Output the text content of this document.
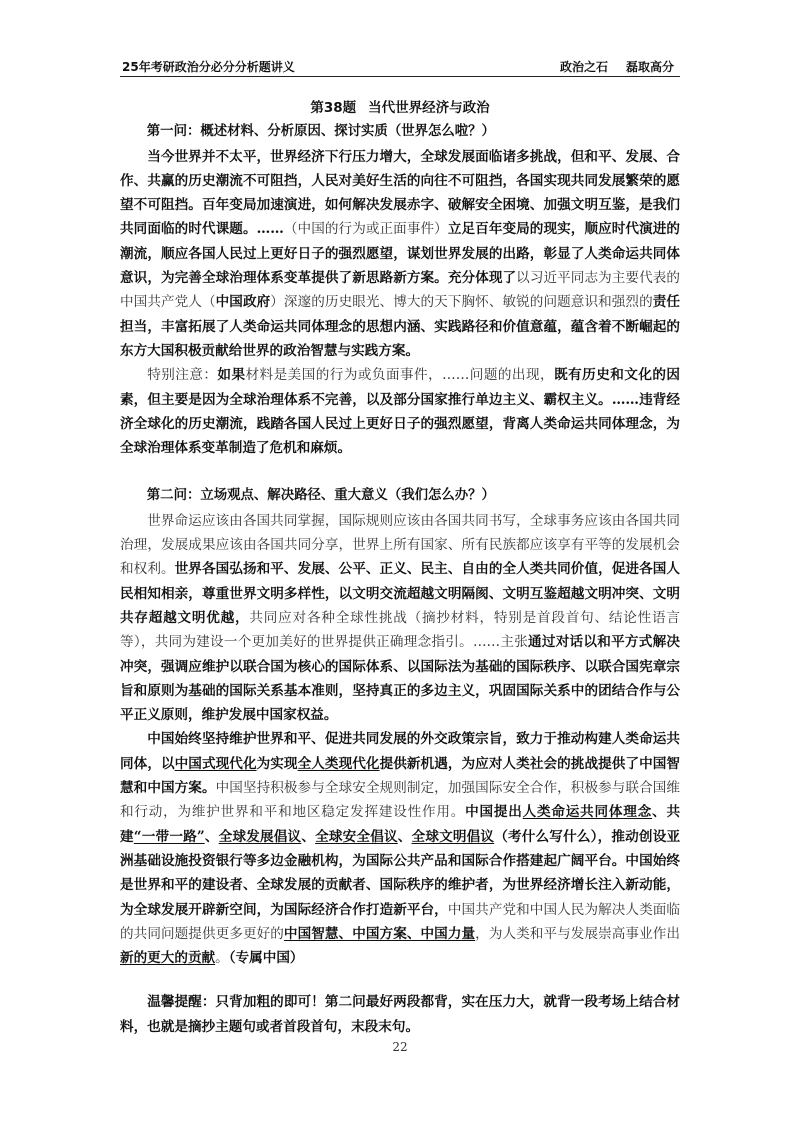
25年考研政治分必分分析题讲义	政治之石 磊取高分
第38题 当代世界经济与政治
第一问：概述材料、分析原因、探讨实质（世界怎么啦？）

当今世界并不太平，世界经济下行压力增大，全球发展面临诸多挑战，但和平、发展、合作、共赢的历史潮流不可阻挡，人民对美好生活的向往不可阻挡，各国实现共同发展繁荣的愿望不可阻挡。百年变局加速演进，如何解决发展赤字、破解安全困境、加强文明互鉴，是我们共同面临的时代课题。……（中国的行为或正面事件）立足百年变局的现实，顺应时代演进的潮流，顺应各国人民过上更好日子的强烈愿望，谋划世界发展的出路，彰显了人类命运共同体意识，为完善全球治理体系变革提供了新思路新方案。充分体现了以习近平同志为主要代表的中国共产党人（中国政府）深邃的历史眼光、博大的天下胸怀、敏锐的问题意识和强烈的责任担当，丰富拓展了人类命运共同体理念的思想内涵、实践路径和价值意蕴，蕴含着不断崛起的东方大国积极贡献给世界的政治智慧与实践方案。

特别注意：如果材料是美国的行为或负面事件，……问题的出现，既有历史和文化的因素，但主要是因为全球治理体系不完善，以及部分国家推行单边主义、霸权主义。……违背经济全球化的历史潮流，践踏各国人民过上更好日子的强烈愿望，背离人类命运共同体理念，为全球治理体系变革制造了危机和麻烦。

第二问：立场观点、解决路径、重大意义（我们怎么办？）

世界命运应该由各国共同掌握，国际规则应该由各国共同书写，全球事务应该由各国共同治理，发展成果应该由各国共同分享，世界上所有国家、所有民族都应该享有平等的发展机会和权利。世界各国弘扬和平、发展、公平、正义、民主、自由的全人类共同价值，促进各国人民相知相亲，尊重世界文明多样性，以文明交流超越文明隔阂、文明互鉴超越文明冲突、文明共存超越文明优越，共同应对各种全球性挑战（摘抄材料，特别是首段首句、结论性语言等），共同为建设一个更加美好的世界提供正确理念指引。……主张通过对话以和平方式解决冲突，强调应维护以联合国为核心的国际体系、以国际法为基础的国际秩序、以联合国宪章宗旨和原则为基础的国际关系基本准则，坚持真正的多边主义，巩固国际关系中的团结合作与公平正义原则，维护发展中国家权益。

中国始终坚持维护世界和平、促进共同发展的外交政策宗旨，致力于推动构建人类命运共同体，以中国式现代化为实现全人类现代化提供新机遇，为应对人类社会的挑战提供了中国智慧和中国方案。中国坚持积极参与全球安全规则制定，加强国际安全合作，积极参与联合国维和行动，为维护世界和平和地区稳定发挥建设性作用。中国提出人类命运共同体理念、共建“一带一路”、全球发展倡议、全球安全倡议、全球文明倡议（考什么写什么），推动创设亚洲基础设施投资银行等多边金融机构，为国际公共产品和国际合作搭建起广阔平台。中国始终是世界和平的建设者、全球发展的贡献者、国际秩序的维护者，为世界经济增长注入新动能，为全球发展开辟新空间，为国际经济合作打造新平台，中国共产党和中国人民为解决人类面临的共同问题提供更多更好的中国智慧、中国方案、中国力量，为人类和平与发展崇高事业作出新的更大的贡献。（专属中国）

温馨提醒：只背加粗的即可！第二问最好两段都背，实在压力大，就背一段考场上结合材料，也就是摘抄主题句或者首段首句，末段末句。

22
